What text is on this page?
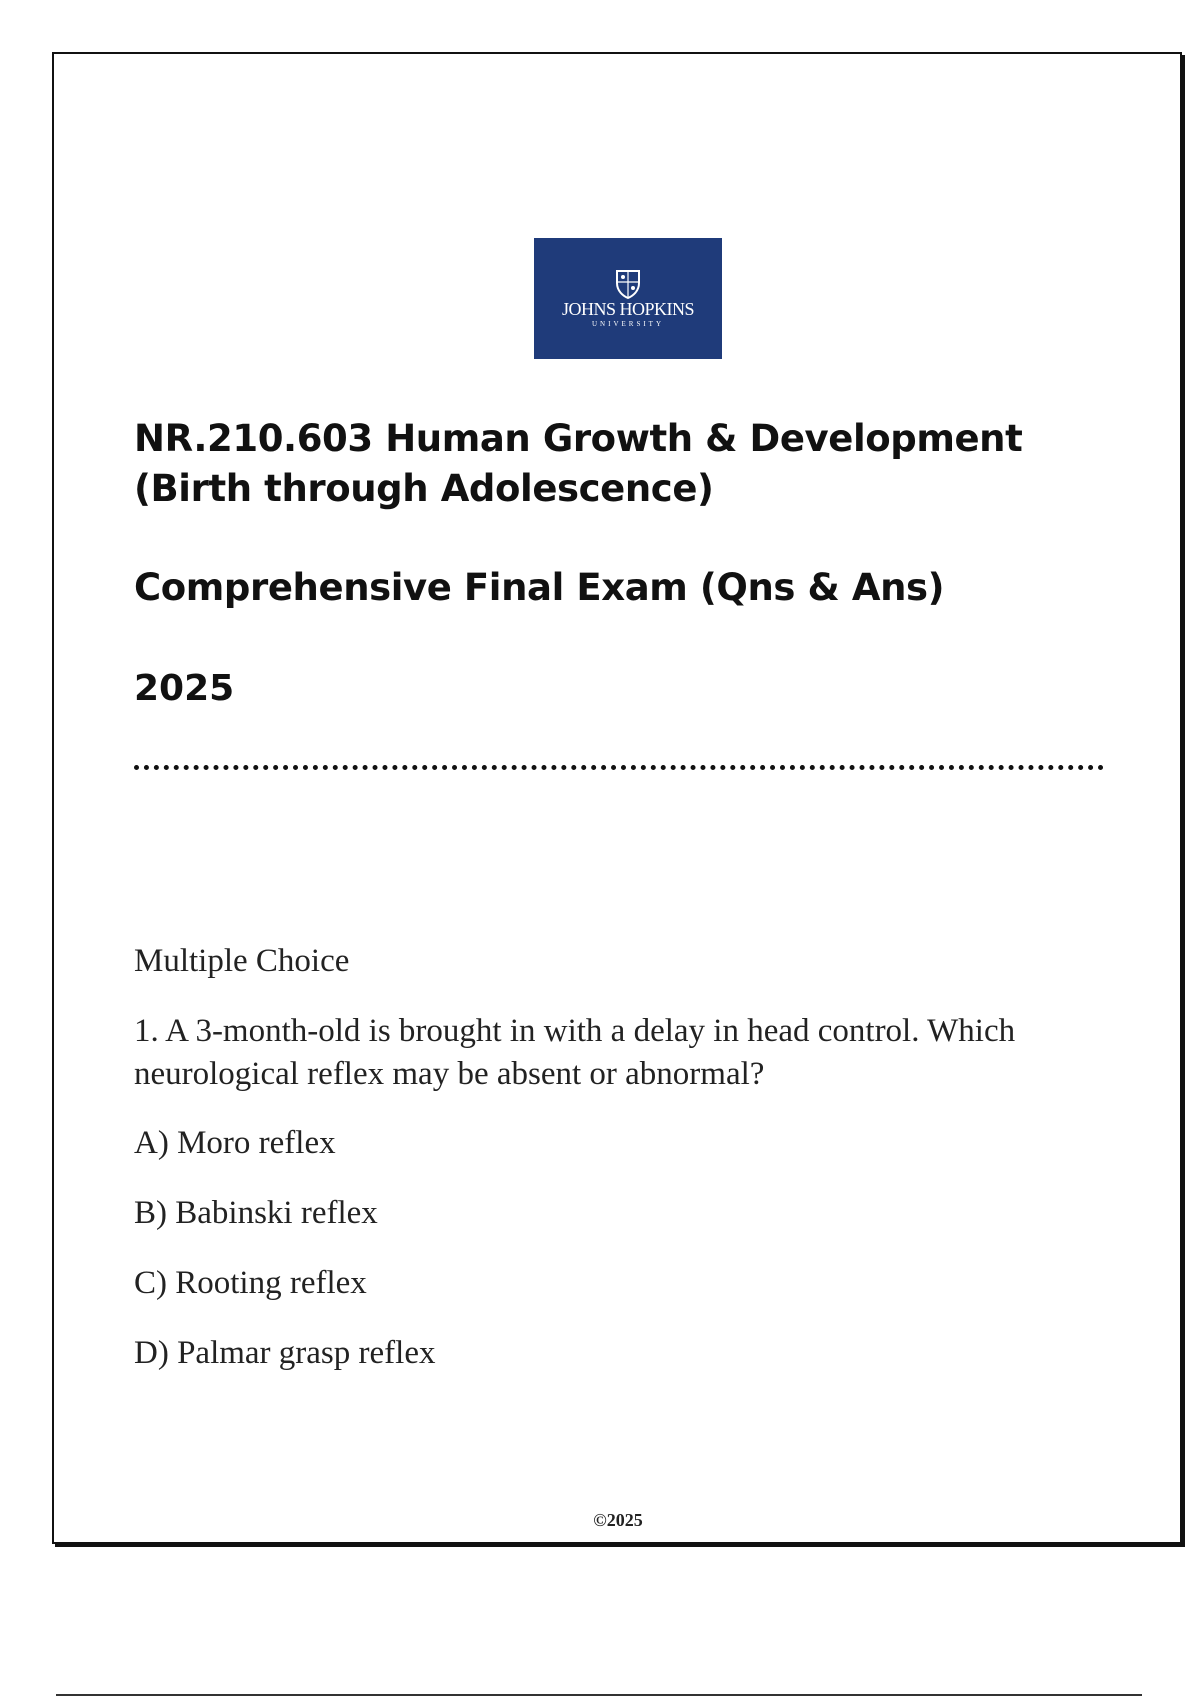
JOHNS HOPKINS
UNIVERSITY

NR.210.603 Human Growth & Development

(Birth through Adolescence)

Comprehensive Final Exam (Qns & Ans)

2025

Multiple Choice

1. A 3-month-old is brought in with a delay in head control. Which neurological reflex may be absent or abnormal?

A) Moro reflex

B) Babinski reflex

C) Rooting reflex

D) Palmar grasp reflex

©2025
